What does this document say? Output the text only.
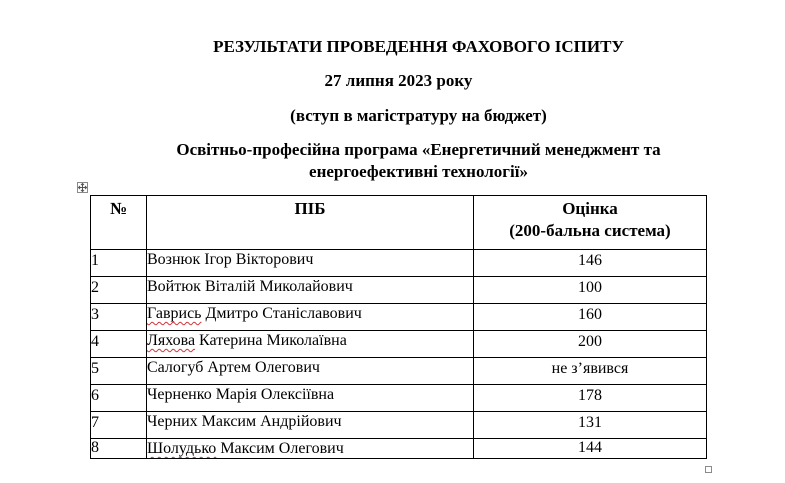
РЕЗУЛЬТАТИ ПРОВЕДЕННЯ ФАХОВОГО ІСПИТУ
27 липня 2023 року
(вступ в магістратуру на бюджет)
Освітньо-професійна програма «Енергетичний менеджмент та
енергоефективні технології»
№	ПІБ	Оцінка
(200-бальна система)

1	Вознюк Ігор Вікторович	146
2	Войтюк Віталій Миколайович	100
3	Гаврись Дмитро Станіславович	160
4	Ляхова Катерина Миколаївна	200
5	Салогуб Артем Олегович	не з’явився
6	Черненко Марія Олексіївна	178
7	Черних Максим Андрійович	131
8	Шолудько Максим Олегович	144
